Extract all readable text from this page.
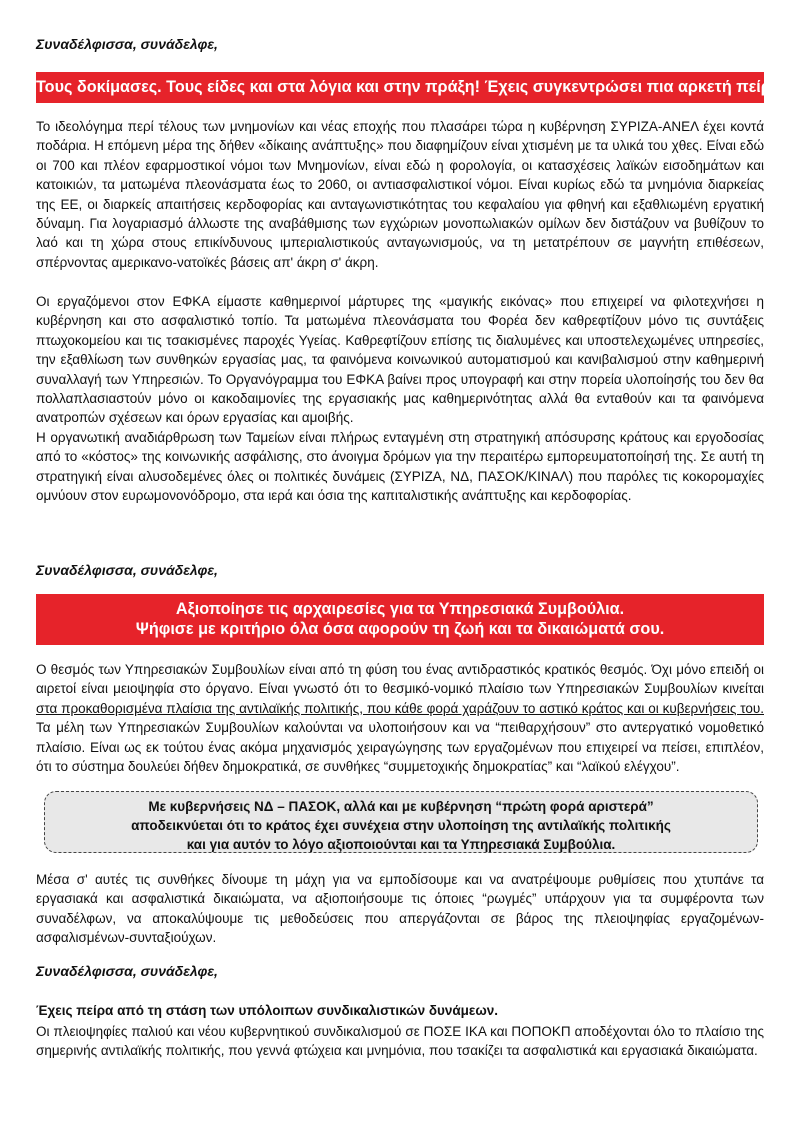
Συναδέλφισσα, συνάδελφε,
Τους δοκίμασες. Τους είδες και στα λόγια και στην πράξη! Έχεις συγκεντρώσει πια αρκετή πείρα!

Το ιδεολόγημα περί τέλους των μνημονίων και νέας εποχής που πλασάρει τώρα η κυβέρνηση ΣΥΡΙΖΑ-ΑΝΕΛ έχει κοντά ποδάρια. Η επόμενη μέρα της δήθεν «δίκαιης ανάπτυξης» που διαφημίζουν είναι χτισμένη με τα υλικά του χθες. Είναι εδώ οι 700 και πλέον εφαρμοστικοί νόμοι των Μνημονίων, είναι εδώ η φορολογία, οι κατασχέσεις λαϊκών εισοδημάτων και κατοικιών, τα ματωμένα πλεονάσματα έως το 2060, οι αντιασφαλιστικοί νόμοι. Είναι κυρίως εδώ τα μνημόνια διαρκείας της ΕΕ, οι διαρκείς απαιτήσεις κερδοφορίας και ανταγωνιστικότητας του κεφαλαίου για φθηνή και εξαθλιωμένη εργατική δύναμη. Για λογαριασμό άλλωστε της αναβάθμισης των εγχώριων μονοπωλιακών ομίλων δεν διστάζουν να βυθίζουν το λαό και τη χώρα στους επικίνδυνους ιμπεριαλιστικούς ανταγωνισμούς, να τη μετατρέπουν σε μαγνήτη επιθέσεων, σπέρνοντας αμερικανο-νατοϊκές βάσεις απ' άκρη σ' άκρη.

Οι εργαζόμενοι στον ΕΦΚΑ είμαστε καθημερινοί μάρτυρες της «μαγικής εικόνας» που επιχειρεί να φιλοτεχνήσει η κυβέρνηση και στο ασφαλιστικό τοπίο. Τα ματωμένα πλεονάσματα του Φορέα δεν καθρεφτίζουν μόνο τις συντάξεις πτωχοκομείου και τις τσακισμένες παροχές Υγείας. Καθρεφτίζουν επίσης τις διαλυμένες και υποστελεχωμένες υπηρεσίες, την εξαθλίωση των συνθηκών εργασίας μας, τα φαινόμενα κοινωνικού αυτοματισμού και κανιβαλισμού στην καθημερινή συναλλαγή των Υπηρεσιών. Το Οργανόγραμμα του ΕΦΚΑ βαίνει προς υπογραφή και στην πορεία υλοποίησής του δεν θα πολλαπλασιαστούν μόνο οι κακοδαιμονίες της εργασιακής μας καθημερινότητας αλλά θα ενταθούν και τα φαινόμενα ανατροπών σχέσεων και όρων εργασίας και αμοιβής.

Η οργανωτική αναδιάρθρωση των Ταμείων είναι πλήρως ενταγμένη στη στρατηγική απόσυρσης κράτους και εργοδοσίας από το «κόστος» της κοινωνικής ασφάλισης, στο άνοιγμα δρόμων για την περαιτέρω εμπορευματοποίησή της. Σε αυτή τη στρατηγική είναι αλυσοδεμένες όλες οι πολιτικές δυνάμεις (ΣΥΡΙΖΑ, ΝΔ, ΠΑΣΟΚ/ΚΙΝΑΛ) που παρόλες τις κοκορομαχίες ομνύουν στον ευρωμονονόδρομο, στα ιερά και όσια της καπιταλιστικής ανάπτυξης και κερδοφορίας.

Συναδέλφισσα, συνάδελφε,
Αξιοποίησε τις αρχαιρεσίες για τα Υπηρεσιακά Συμβούλια.
Ψήφισε με κριτήριο όλα όσα αφορούν τη ζωή και τα δικαιώματά σου.

Ο θεσμός των Υπηρεσιακών Συμβουλίων είναι από τη φύση του ένας αντιδραστικός κρατικός θεσμός. Όχι μόνο επειδή οι αιρετοί είναι μειοψηφία στο όργανο. Είναι γνωστό ότι το θεσμικό-νομικό πλαίσιο των Υπηρεσιακών Συμβουλίων κινείται στα προκαθορισμένα πλαίσια της αντιλαϊκής πολιτικής, που κάθε φορά χαράζουν το αστικό κράτος και οι κυβερνήσεις του. Τα μέλη των Υπηρεσιακών Συμβουλίων καλούνται να υλοποιήσουν και να “πειθαρχήσουν” στο αντεργατικό νομοθετικό πλαίσιο. Είναι ως εκ τούτου ένας ακόμα μηχανισμός χειραγώγησης των εργαζομένων που επιχειρεί να πείσει, επιπλέον, ότι το σύστημα δουλεύει δήθεν δημοκρατικά, σε συνθήκες “συμμετοχικής δημοκρατίας” και “λαϊκού ελέγχου”.

Με κυβερνήσεις ΝΔ – ΠΑΣΟΚ, αλλά και με κυβέρνηση “πρώτη φορά αριστερά”
αποδεικνύεται ότι το κράτος έχει συνέχεια στην υλοποίηση της αντιλαϊκής πολιτικής
και για αυτόν το λόγο αξιοποιούνται και τα Υπηρεσιακά Συμβούλια.

Μέσα σ' αυτές τις συνθήκες δίνουμε τη μάχη για να εμποδίσουμε και να ανατρέψουμε ρυθμίσεις που χτυπάνε τα εργασιακά και ασφαλιστικά δικαιώματα, να αξιοποιήσουμε τις όποιες “ρωγμές” υπάρχουν για τα συμφέροντα των συναδέλφων, να αποκαλύψουμε τις μεθοδεύσεις που απεργάζονται σε βάρος της πλειοψηφίας εργαζομένων-ασφαλισμένων-συνταξιούχων.

Συναδέλφισσα, συνάδελφε,
Έχεις πείρα από τη στάση των υπόλοιπων συνδικαλιστικών δυνάμεων.

Οι πλειοψηφίες παλιού και νέου κυβερνητικού συνδικαλισμού σε ΠΟΣΕ ΙΚΑ και ΠΟΠΟΚΠ αποδέχονται όλο το πλαίσιο της σημερινής αντιλαϊκής πολιτικής, που γεννά φτώχεια και μνημόνια, που τσακίζει τα ασφαλιστικά και εργασιακά δικαιώματα.
